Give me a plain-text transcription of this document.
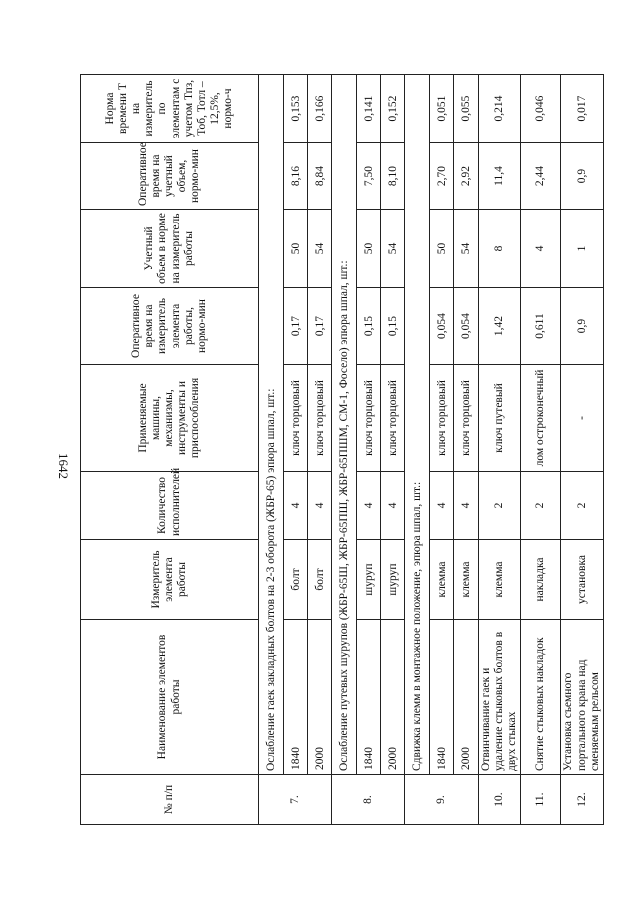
1642
№ п/п	Наименование элементов работы	Измеритель элемента работы	Количество исполнителей	Применяемые машины, механизмы, инструменты и приспособления	Оперативное время на измеритель элемента работы, нормо-мин	Учетный объем в норме на измеритель работы	Оперативное время на учетный объем, нормо-мин	Норма времени Т на измеритель по элементам с учетом Тпз, Тоб, Тотл – 12,5%, нормо-ч
7.	Ослабление гаек закладных болтов на 2-3 оборота (ЖБР-65) эпюра шпал, шт.:							
	1840	болт	4	ключ торцовый	0,17	50	8,16	0,153
	2000	болт	4	ключ торцовый	0,17	54	8,84	0,166
8.	Ослабление путевых шурупов (ЖБР-65Ш, ЖБР-65ПШ, ЖБР-65ПШМ, СМ-1, Фосело) эпюра шпал, шт.:							
	1840	шуруп	4	ключ торцовый	0,15	50	7,50	0,141
	2000	шуруп	4	ключ торцовый	0,15	54	8,10	0,152
9.	Сдвижка клемм в монтажное положение, эпюра шпал, шт.:							
	1840	клемма	4	ключ торцовый	0,054	50	2,70	0,051
	2000	клемма	4	ключ торцовый	0,054	54	2,92	0,055
10.	Отвинчивание гаек и удаление стыковых болтов в двух стыках	клемма	2	ключ путевый	1,42	8	11,4	0,214
11.	Снятие стыковых накладок	накладка	2	лом остроконечный	0,611	4	2,44	0,046
12.	Установка съемного портального крана над сменяемым рельсом	установка	2	-	0,9	1	0,9	0,017
